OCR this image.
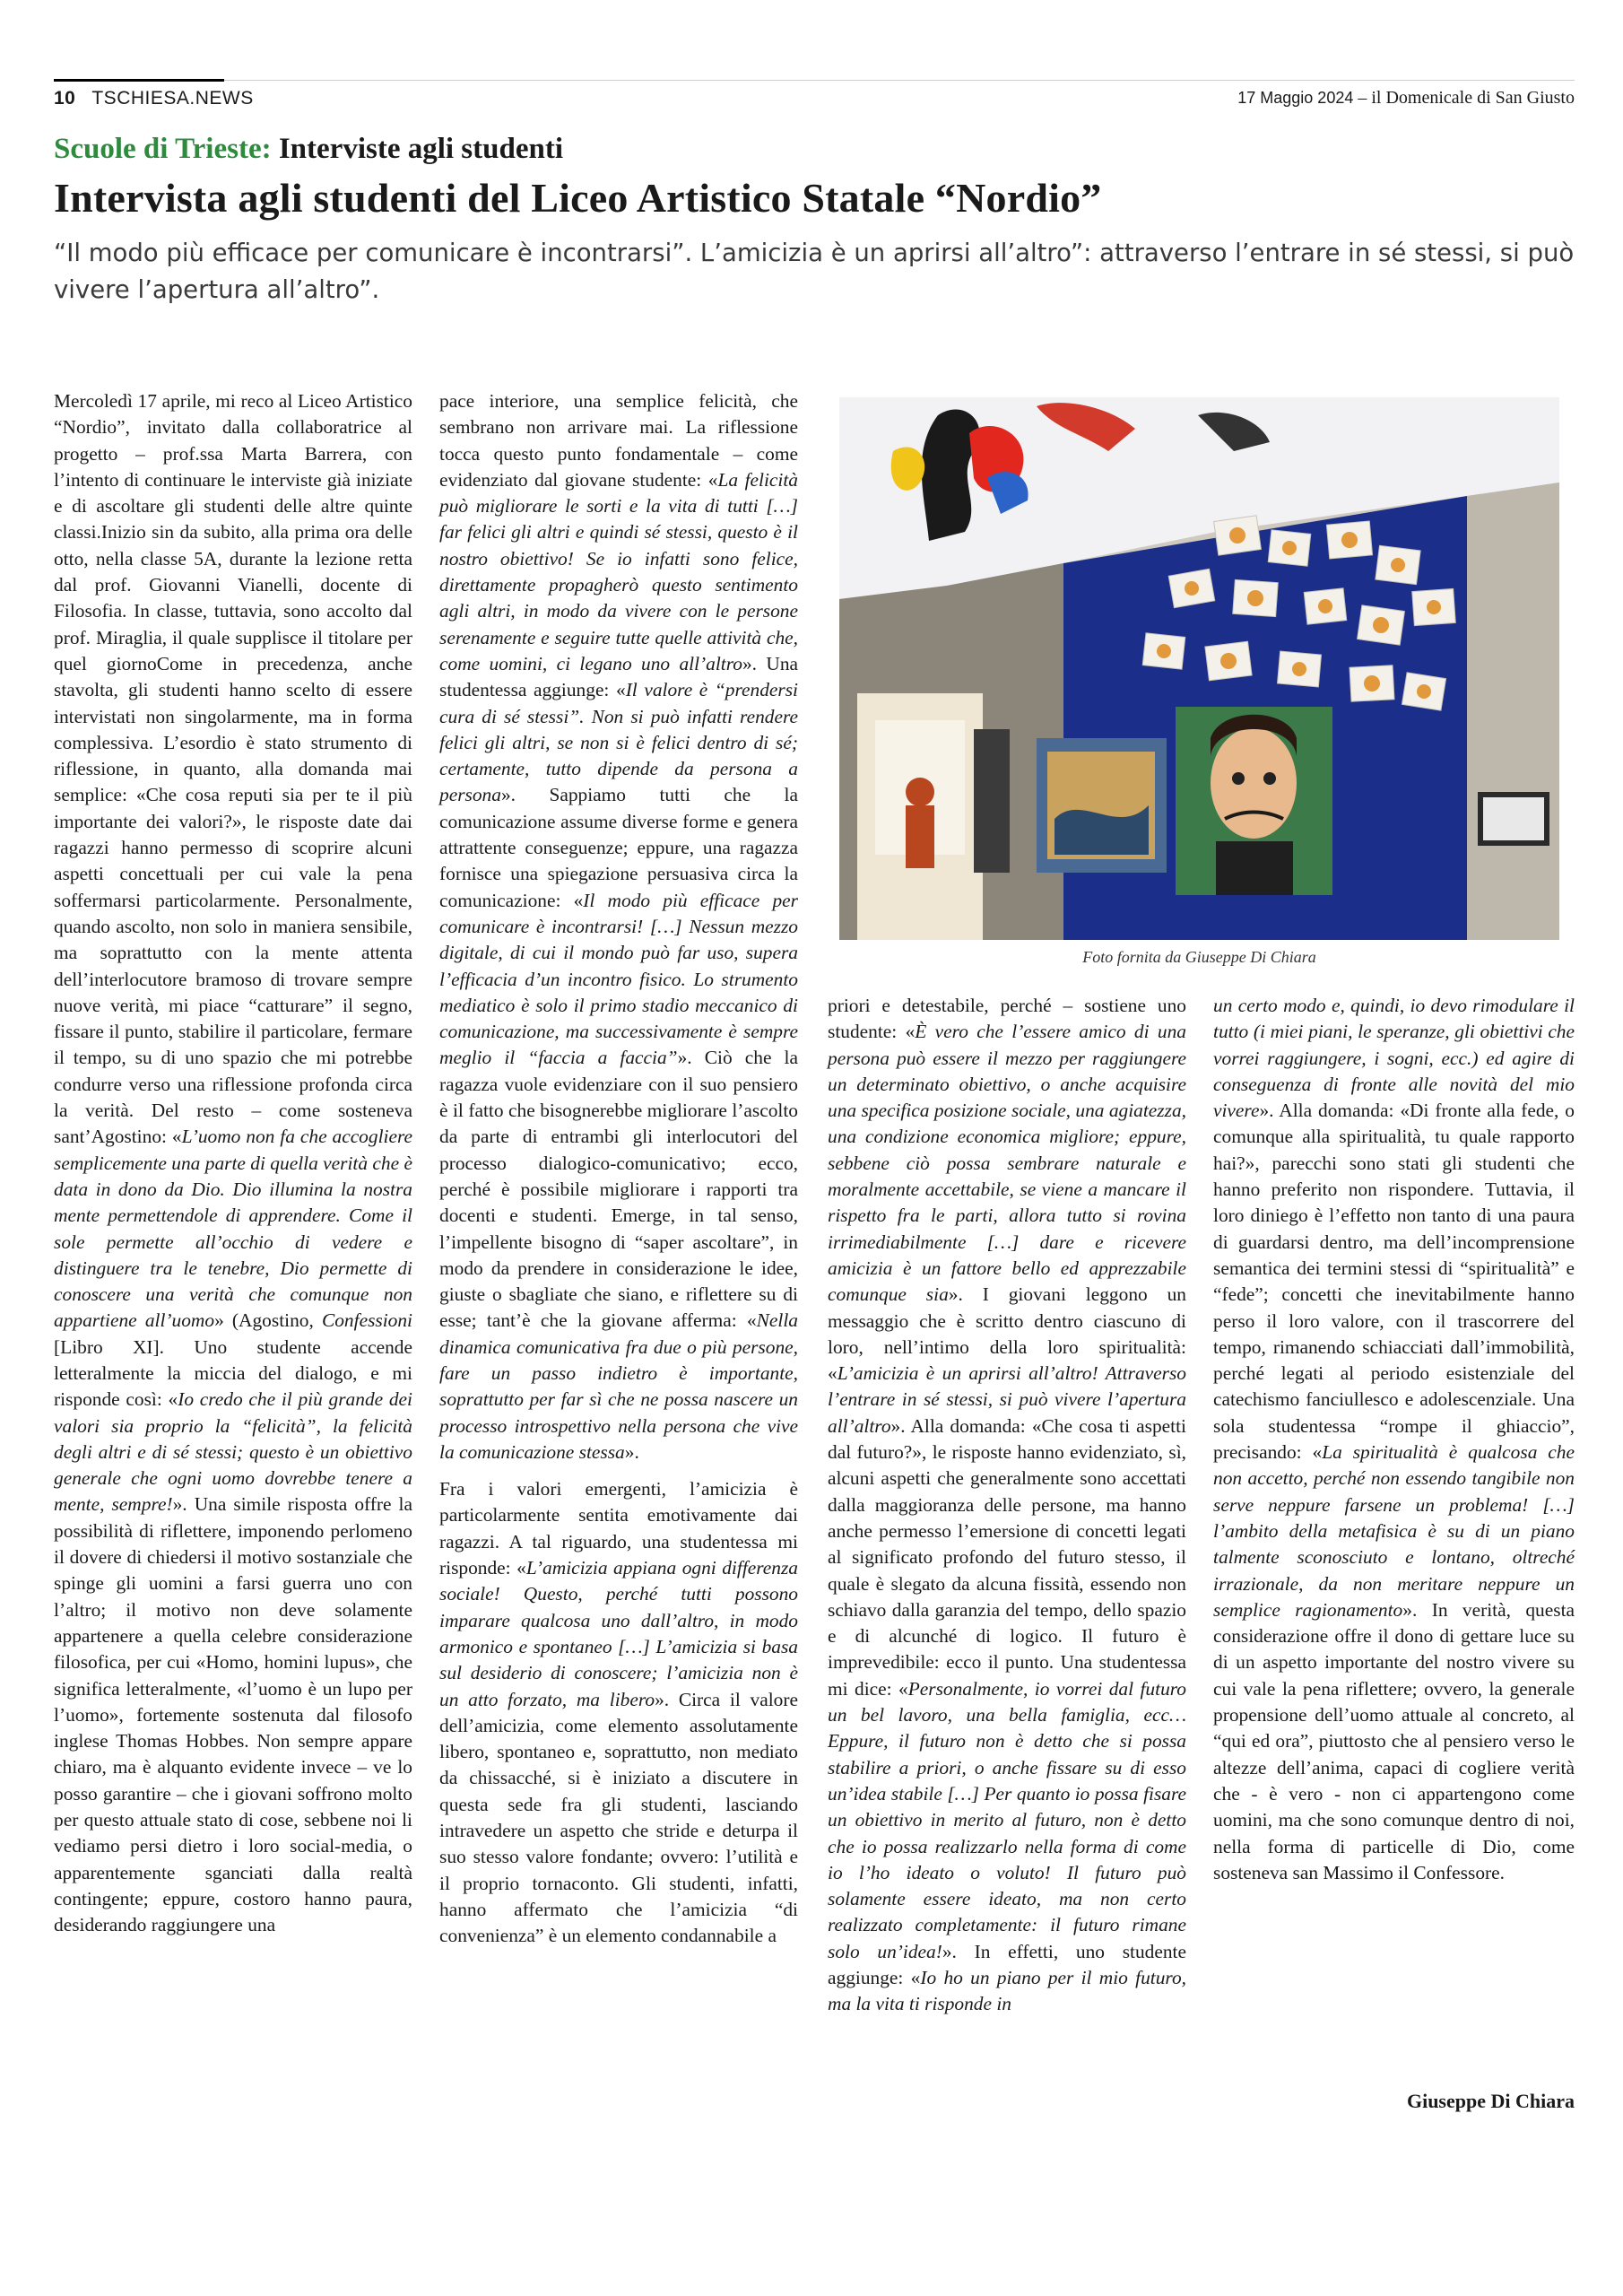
10 TSCHIESA.NEWS	17 Maggio 2024 – il Domenicale di San Giusto
Scuole di Trieste: Interviste agli studenti
Intervista agli studenti del Liceo Artistico Statale “Nordio”
“Il modo più efficace per comunicare è incontrarsi”. L’amicizia è un aprirsi all’altro”: attraverso l’entrare in sé stessi, si può vivere l’apertura all’altro”.

Mercoledì 17 aprile, mi reco al Liceo Artistico “Nordio”, invitato dalla collaboratrice al progetto – prof.ssa Marta Barrera, con l’intento di continuare le interviste già iniziate e di ascoltare gli studenti delle altre quinte classi.Inizio sin da subito, alla prima ora delle otto, nella classe 5A, durante la lezione retta dal prof. Giovanni Vianelli, docente di Filosofia. In classe, tuttavia, sono accolto dal prof. Miraglia, il quale supplisce il titolare per quel giornoCome in precedenza, anche stavolta, gli studenti hanno scelto di essere intervistati non singolarmente, ma in forma complessiva. L’esordio è stato strumento di riflessione, in quanto, alla domanda mai semplice: «Che cosa reputi sia per te il più importante dei valori?», le risposte date dai ragazzi hanno permesso di scoprire alcuni aspetti concettuali per cui vale la pena soffermarsi particolarmente. Personalmente, quando ascolto, non solo in maniera sensibile, ma soprattutto con la mente attenta dell’interlocutore bramoso di trovare sempre nuove verità, mi piace “catturare” il segno, fissare il punto, stabilire il particolare, fermare il tempo, su di uno spazio che mi potrebbe condurre verso una riflessione profonda circa la verità. Del resto – come sosteneva sant’Agostino: «L’uomo non fa che accogliere semplicemente una parte di quella verità che è data in dono da Dio. Dio illumina la nostra mente permettendole di apprendere. Come il sole permette all’occhio di vedere e distinguere tra le tenebre, Dio permette di conoscere una verità che comunque non appartiene all’uomo» (Agostino, Confessioni [Libro XI]. Uno studente accende letteralmente la miccia del dialogo, e mi risponde così: «Io credo che il più grande dei valori sia proprio la “felicità”, la felicità degli altri e di sé stessi; questo è un obiettivo generale che ogni uomo dovrebbe tenere a mente, sempre!». Una simile risposta offre la possibilità di riflettere, imponendo perlomeno il dovere di chiedersi il motivo sostanziale che spinge gli uomini a farsi guerra uno con l’altro; il motivo non deve solamente appartenere a quella celebre considerazione filosofica, per cui «Homo, homini lupus», che significa letteralmente, «l’uomo è un lupo per l’uomo», fortemente sostenuta dal filosofo inglese Thomas Hobbes. Non sempre appare chiaro, ma è alquanto evidente invece – ve lo posso garantire – che i giovani soffrono molto per questo attuale stato di cose, sebbene noi li vediamo persi dietro i loro social-media, o apparentemente sganciati dalla realtà contingente; eppure, costoro hanno paura, desiderando raggiungere una

pace interiore, una semplice felicità, che sembrano non arrivare mai. La riflessione tocca questo punto fondamentale – come evidenziato dal giovane studente: «La felicità può migliorare le sorti e la vita di tutti […] far felici gli altri e quindi sé stessi, questo è il nostro obiettivo! Se io infatti sono felice, direttamente propagherò questo sentimento agli altri, in modo da vivere con le persone serenamente e seguire tutte quelle attività che, come uomini, ci legano uno all’altro». Una studentessa aggiunge: «Il valore è “prendersi cura di sé stessi”. Non si può infatti rendere felici gli altri, se non si è felici dentro di sé; certamente, tutto dipende da persona a persona». Sappiamo tutti che la comunicazione assume diverse forme e genera attrattente conseguenze; eppure, una ragazza fornisce una spiegazione persuasiva circa la comunicazione: «Il modo più efficace per comunicare è incontrarsi! […] Nessun mezzo digitale, di cui il mondo può far uso, supera l’efficacia d’un incontro fisico. Lo strumento mediatico è solo il primo stadio meccanico di comunicazione, ma successivamente è sempre meglio il “faccia a faccia”». Ciò che la ragazza vuole evidenziare con il suo pensiero è il fatto che bisognerebbe migliorare l’ascolto da parte di entrambi gli interlocutori del processo dialogico-comunicativo; ecco, perché è possibile migliorare i rapporti tra docenti e studenti. Emerge, in tal senso, l’impellente bisogno di “saper ascoltare”, in modo da prendere in considerazione le idee, giuste o sbagliate che siano, e riflettere su di esse; tant’è che la giovane afferma: «Nella dinamica comunicativa fra due o più persone, fare un passo indietro è importante, soprattutto per far sì che ne possa nascere un processo introspettivo nella persona che vive la comunicazione stessa».

Fra i valori emergenti, l’amicizia è particolarmente sentita emotivamente dai ragazzi. A tal riguardo, una studentessa mi risponde: «L’amicizia appiana ogni differenza sociale! Questo, perché tutti possono imparare qualcosa uno dall’altro, in modo armonico e spontaneo […] L’amicizia si basa sul desiderio di conoscere; l’amicizia non è un atto forzato, ma libero». Circa il valore dell’amicizia, come elemento assolutamente libero, spontaneo e, soprattutto, non mediato da chissacché, si è iniziato a discutere in questa sede fra gli studenti, lasciando intravedere un aspetto che stride e deturpa il suo stesso valore fondante; ovvero: l’utilità e il proprio tornaconto. Gli studenti, infatti, hanno affermato che l’amicizia “di convenienza” è un elemento condannabile a

Foto fornita da Giuseppe Di Chiara

priori e detestabile, perché – sostiene uno studente: «È vero che l’essere amico di una persona può essere il mezzo per raggiungere un determinato obiettivo, o anche acquisire una specifica posizione sociale, una agiatezza, una condizione economica migliore; eppure, sebbene ciò possa sembrare naturale e moralmente accettabile, se viene a mancare il rispetto fra le parti, allora tutto si rovina irrimediabilmente […] dare e ricevere amicizia è un fattore bello ed apprezzabile comunque sia». I giovani leggono un messaggio che è scritto dentro ciascuno di loro, nell’intimo della loro spiritualità: «L’amicizia è un aprirsi all’altro! Attraverso l’entrare in sé stessi, si può vivere l’apertura all’altro». Alla domanda: «Che cosa ti aspetti dal futuro?», le risposte hanno evidenziato, sì, alcuni aspetti che generalmente sono accettati dalla maggioranza delle persone, ma hanno anche permesso l’emersione di concetti legati al significato profondo del futuro stesso, il quale è slegato da alcuna fissità, essendo non schiavo dalla garanzia del tempo, dello spazio e di alcunché di logico. Il futuro è imprevedibile: ecco il punto. Una studentessa mi dice: «Personalmente, io vorrei dal futuro un bel lavoro, una bella famiglia, ecc… Eppure, il futuro non è detto che si possa stabilire a priori, o anche fissare su di esso un’idea stabile […] Per quanto io possa fisare un obiettivo in merito al futuro, non è detto che io possa realizzarlo nella forma di come io l’ho ideato o voluto! Il futuro può solamente essere ideato, ma non certo realizzato completamente: il futuro rimane solo un’idea!». In effetti, uno studente aggiunge: «Io ho un piano per il mio futuro, ma la vita ti risponde in

un certo modo e, quindi, io devo rimodulare il tutto (i miei piani, le speranze, gli obiettivi che vorrei raggiungere, i sogni, ecc.) ed agire di conseguenza di fronte alle novità del mio vivere». Alla domanda: «Di fronte alla fede, o comunque alla spiritualità, tu quale rapporto hai?», parecchi sono stati gli studenti che hanno preferito non rispondere. Tuttavia, il loro diniego è l’effetto non tanto di una paura di guardarsi dentro, ma dell’incomprensione semantica dei termini stessi di “spiritualità” e “fede”; concetti che inevitabilmente hanno perso il loro valore, con il trascorrere del tempo, rimanendo schiacciati dall’immobilità, perché legati al periodo esistenziale del catechismo fanciullesco e adolescenziale. Una sola studentessa “rompe il ghiaccio”, precisando: «La spiritualità è qualcosa che non accetto, perché non essendo tangibile non serve neppure farsene un problema! […] l’ambito della metafisica è su di un piano talmente sconosciuto e lontano, oltreché irrazionale, da non meritare neppure un semplice ragionamento». In verità, questa considerazione offre il dono di gettare luce su di un aspetto importante del nostro vivere su cui vale la pena riflettere; ovvero, la generale propensione dell’uomo attuale al concreto, al “qui ed ora”, piuttosto che al pensiero verso le altezze dell’anima, capaci di cogliere verità che - è vero - non ci appartengono come uomini, ma che sono comunque dentro di noi, nella forma di particelle di Dio, come sosteneva san Massimo il Confessore.

Giuseppe Di Chiara
